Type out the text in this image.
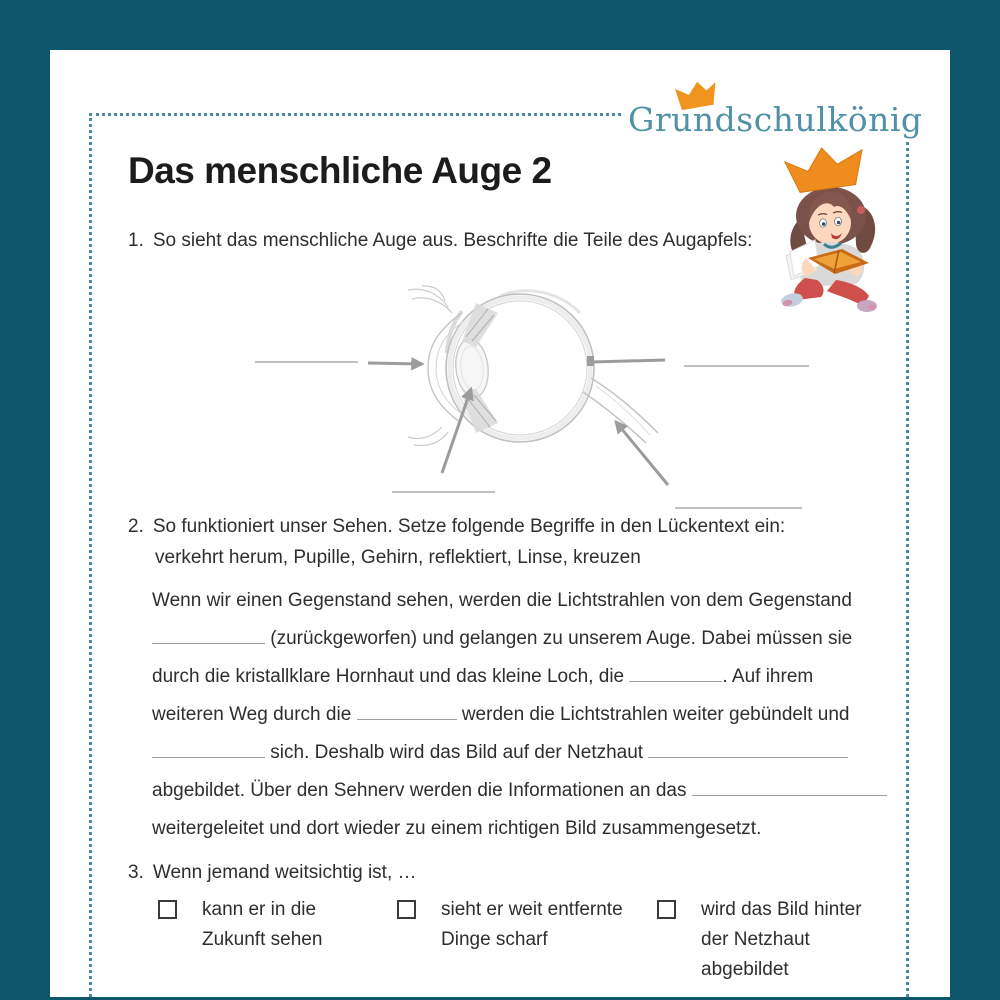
Grundschulkönig
Das menschliche Auge 2
1. So sieht das menschliche Auge aus. Beschrifte die Teile des Augapfels:
2. So funktioniert unser Sehen. Setze folgende Begriffe in den Lückentext ein:
verkehrt herum, Pupille, Gehirn, reflektiert, Linse, kreuzen
Wenn wir einen Gegenstand sehen, werden die Lichtstrahlen von dem Gegenstand
(zurückgeworfen) und gelangen zu unserem Auge. Dabei müssen sie
durch die kristallklare Hornhaut und das kleine Loch, die	. Auf ihrem
weiteren Weg durch die	werden die Lichtstrahlen weiter gebündelt und
sich. Deshalb wird das Bild auf der Netzhaut
abgebildet. Über den Sehnerv werden die Informationen an das
weitergeleitet und dort wieder zu einem richtigen Bild zusammengesetzt.
3. Wenn jemand weitsichtig ist, …
kann er in die Zukunft sehen
sieht er weit entfernte Dinge scharf
wird das Bild hinter der Netzhaut abgebildet
